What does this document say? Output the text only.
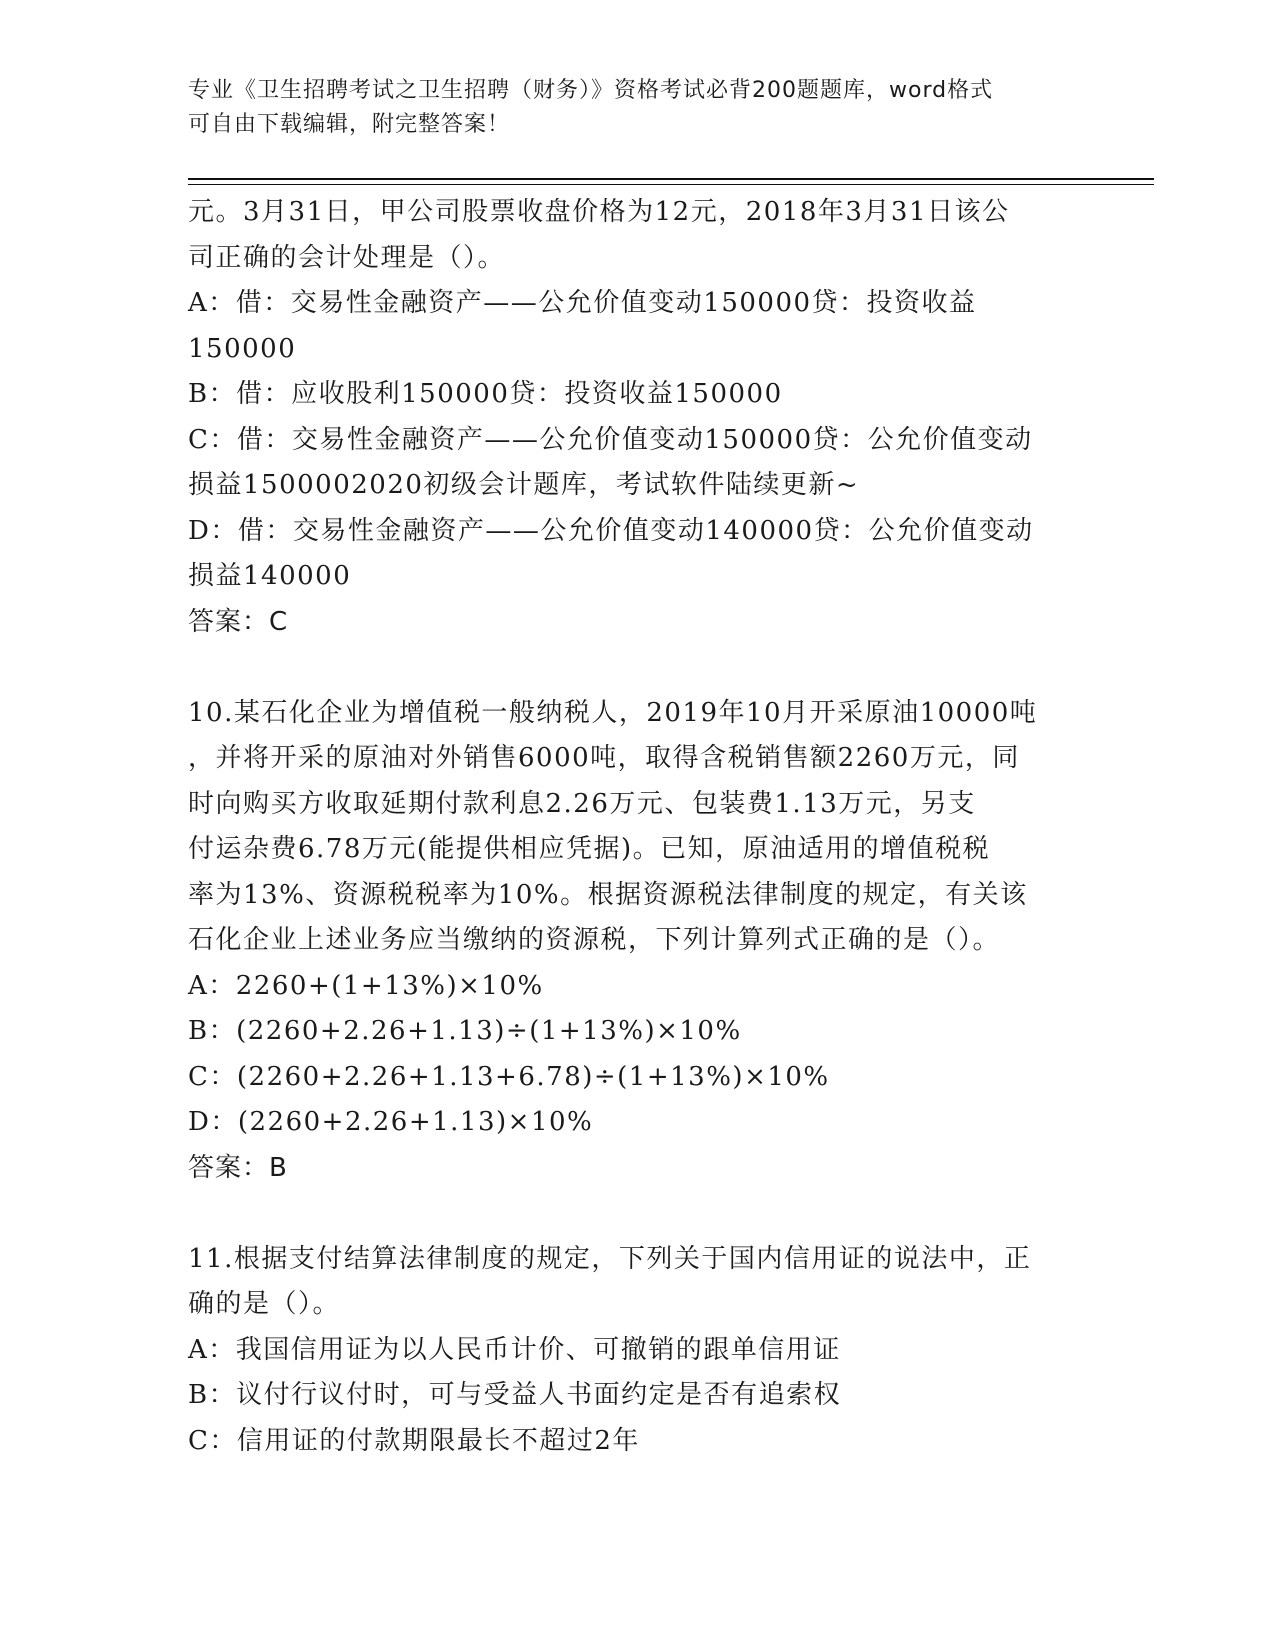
专业《卫生招聘考试之卫生招聘（财务）》资格考试必背200题题库，word格式
可自由下载编辑，附完整答案！
元。3月31日，甲公司股票收盘价格为12元，2018年3月31日该公
司正确的会计处理是（）。
A：借：交易性金融资产——公允价值变动150000贷：投资收益
150000
B：借：应收股利150000贷：投资收益150000
C：借：交易性金融资产——公允价值变动150000贷：公允价值变动
损益1500002020初级会计题库，考试软件陆续更新~
D：借：交易性金融资产——公允价值变动140000贷：公允价值变动
损益140000
答案：C
10.某石化企业为增值税一般纳税人，2019年10月开采原油10000吨
，并将开采的原油对外销售6000吨，取得含税销售额2260万元，同
时向购买方收取延期付款利息2.26万元、包装费1.13万元，另支
付运杂费6.78万元(能提供相应凭据)。已知，原油适用的增值税税
率为13%、资源税税率为10%。根据资源税法律制度的规定，有关该
石化企业上述业务应当缴纳的资源税，下列计算列式正确的是（）。
A：2260+(1+13%)×10%
B：(2260+2.26+1.13)÷(1+13%)×10%
C：(2260+2.26+1.13+6.78)÷(1+13%)×10%
D：(2260+2.26+1.13)×10%
答案：B
11.根据支付结算法律制度的规定，下列关于国内信用证的说法中，正
确的是（）。
A：我国信用证为以人民币计价、可撤销的跟单信用证
B：议付行议付时，可与受益人书面约定是否有追索权
C：信用证的付款期限最长不超过2年
